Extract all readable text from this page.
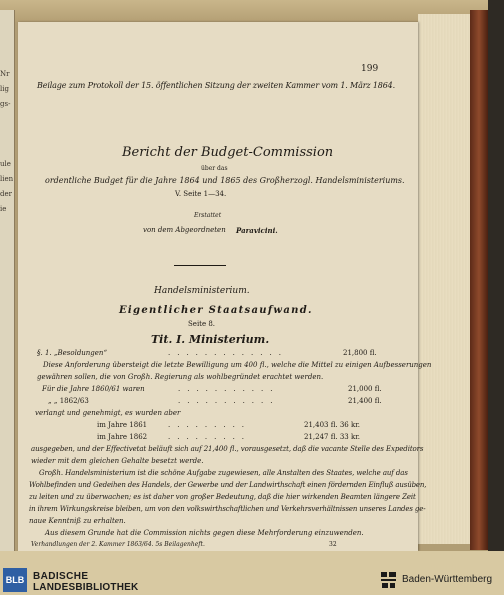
Nr
lig
gs-
ule
lien
der
ie
199
Beilage zum Protokoll der 15. öffentlichen Sitzung der zweiten Kammer vom 1. März 1864.
Bericht der Budget-Commission
über das
ordentliche Budget für die Jahre 1864 und 1865 des Großherzogl. Handelsministeriums.
V. Seite 1—34.
Erstattet
von dem Abgeordneten Paravicini.
Handelsministerium.
Eigentlicher Staatsaufwand.
Seite 8.
Tit. I. Ministerium.
§. 1. „Besoldungen“	.............	21,800 fl.
Diese Anforderung übersteigt die letzte Bewilligung um 400 fl., welche die Mittel zu einigen Aufbesserungen
gewähren sollen, die von Großh. Regierung als wohlbegründet erachtet werden.
Für die Jahre 1860/61 waren	...........	21,000 fl.
„ „ 1862/63	...........	21,400 fl.
verlangt und genehmigt, es wurden aber
im Jahre 1861	.........	21,403 fl. 36 kr.
im Jahre 1862	.........	21,247 fl. 33 kr.
ausgegeben, und der Effectivetat beläuft sich auf 21,400 fl., vorausgesetzt, daß die vacante Stelle des Expeditors
wieder mit dem gleichen Gehalte besetzt werde.
Großh. Handelsministerium ist die schöne Aufgabe zugewiesen, alle Anstalten des Staates, welche auf das
Wohlbefinden und Gedeihen des Handels, der Gewerbe und der Landwirthschaft einen fördernden Einfluß ausüben,
zu leiten und zu überwachen; es ist daher von großer Bedeutung, daß die hier wirkenden Beamten längere Zeit
in ihrem Wirkungskreise bleiben, um von den volkswirthschaftlichen und Verkehrsverhältnissen unseres Landes ge-
naue Kenntniß zu erhalten.
Aus diesem Grunde hat die Commission nichts gegen diese Mehrforderung einzuwenden.
Verhandlungen der 2. Kammer 1863/64. 5s Beilagenheft.	32
BLB BADISCHE
LANDESBIBLIOTHEK
Baden-Württemberg
